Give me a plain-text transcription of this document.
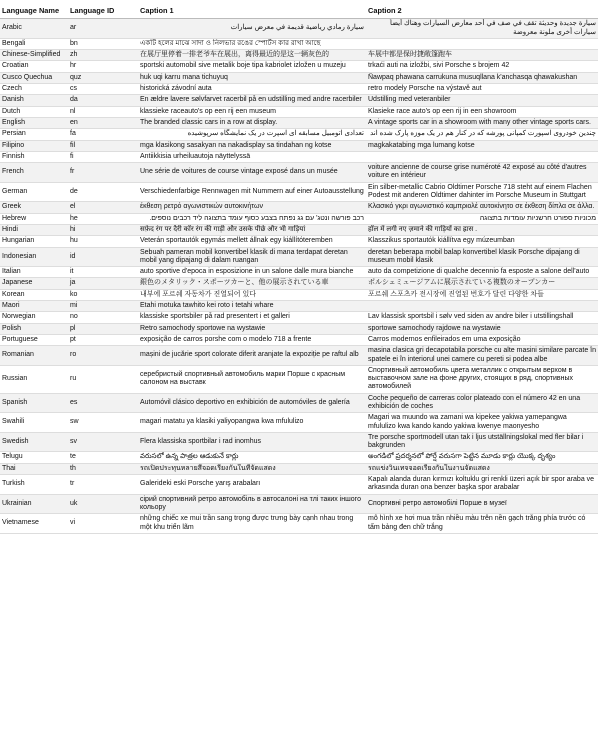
Language Name	Language ID	Caption 1	Caption 2
Arabic	ar	سيارة رمادي رياضية قديمة في معرض سيارات	سيارة جديدة وحديثة تقف في صف في أحد معارض السيارات وهناك أيضاً سيارات أخرى ملونة معروضة
Bengali	bn	একটি হলের মাঝে সাদা ও নিলভার রঙের স্পোর্টস কার রাখা আছে	
Chinese-Simplified	zh	在展厅里停着一排老爷车在展出，离得最近的是这一辆灰色的	车展中都是保时捷敞篷跑车
Croatian	hr	sportski automobil sive metalik boje tipa kabriolet izložen u muzeju	trkaći auti na izložbi, sivi Porsche s brojem 42
Cusco Quechua	quz	huk uqi karru mana tichuyuq	Ñawpaq phawana carrukuna musuqllana k'anchasqa qhawakushan
Czech	cs	historická závodní auta	retro modely Porsche na výstavě aut
Danish	da	En ældre lavere sølvfarvet racerbil på en udstilling med andre racerbiler	Udstilling med veteranbiler
Dutch	nl	klassieke raceauto's op een rij een museum	Klasieke race auto's op een rij in een showroom
English	en	The branded classic cars in a row at display.	A vintage sports car in a showroom with many other vintage sports cars.
Persian	fa	تعدادی اتومبیل مسابقه ای اسپرت در یک نمایشگاه سرپوشیده	چندین خودروی اسپورت کمپانی پورشه که در کنار هم در یک موزه پارک شده اند
Filipino	fil	mga klasikong sasakyan na nakadisplay sa tindahan ng kotse	magkakatabing mga lumang kotse
Finnish	fi	Antiikkisia urheiluautoja näyttelyssä	
French	fr	Une série de voitures de course vintage exposé dans un musée	voiture ancienne de course grise numéroté 42 exposé au côté d'autres voiture en intérieur
German	de	Verschiedenfarbige Rennwagen mit Nummern auf einer Autoausstellung	Ein silber-metallic Cabrio Oldtimer Porsche 718 steht auf einem Flachen Podest mit anderen Oldtimer dahinter im Porsche Museum in Stuttgart
Greek	el	έκθεση ρετρό αγωνιστικών αυτοκινήτων	Κλασικό γκρι αγωνιστικό καμπριολέ αυτοκίνητο σε έκθεση δίπλα σε άλλα.
Hebrew	he	רכב פורשה ונטג' עם גג נפתח בצבע כסוף עומד בתצוגה ליד רכבים נוספים.	מכוניות ספורט חרשניות עומדות בתצוגה
Hindi	hi	सफ़ेद रंग पर दैरी कॉर रंग की गाड़ी और उसके पीछे और भी गाड़ियां	हॉल में लगी नए ज़माने की गाड़ियों का ह्रास .
Hungarian	hu	Veterán sportautók egymás mellett állnak egy kiállítóteremben	Klasszikus sportautók kiállítva egy múzeumban
Indonesian	id	Sebuah pameran mobil konvertibel klasik di mana terdapat deretan mobil yang dipajang di dalam ruangan	deretan beberapa mobil balap konvertibel klasik Porsche dipajang di museum mobil klasik
Italian	it	auto sportive d'epoca in esposizione in un salone dalle mura bianche	auto da competizione di qualche decennio fa esposte a salone dell'auto
Japanese	ja	銀色のメタリック・スポーツカーと、他の展示されている車	ポルシェミュージアムに展示されている複数のオープンカー
Korean	ko	내부에 포르쉐 자동차가 진열되어 있다	포르쉐 스포츠카 전시장에 진열된 번호가 달린 다양한 차들
Maori	mi	Etahi motuka tawhito kei roto i tetahi whare	
Norwegian	no	klassiske sportsbiler på rad presentert i et galleri	Lav klassisk sportsbil i sølv ved siden av andre biler i utstillingshall
Polish	pl	Retro samochody sportowe na wystawie	sportowe samochody rajdowe na wystawie
Portuguese	pt	exposição de carros porshe com o modelo 718 a frente	Carros modernos enfileirados em uma exposição
Romanian	ro	mașini de jucărie sport colorate diferit aranjate la expoziție pe raftul alb	masina clasica gri decapotabila porsche cu alte masini similare parcate în spatele ei în interiorul unei camere cu pereti si podea albe
Russian	ru	серебристый спортивный автомобиль марки Порше с красным салоном на выставк	Спортивный автомобиль цвета металлик с открытым верхом в выставочном зале на фоне других, стоящих в ряд, спортивных автомобилей
Spanish	es	Automóvil clásico deportivo en exhibición de automóviles de galería	Coche pequeño de carreras color plateado con el número 42 en una exhibición de coches
Swahili	sw	magari matatu ya klasiki yaliyopangwa kwa mfululizo	Magari wa muundo wa zamani wa kipekee yakiwa yamepangwa mfululizo kwa kando kando yakiwa kwenye maonyesho
Swedish	sv	Flera klassiska sportbilar i rad inomhus	Tre porsche sportmodell utan tak i ljus utställningslokal med fler bilar i bakgrunden
Telugu	te	వరుసలో ఉన్న పాత్రల ఆడుకునే కార్లు	అంగడిలో ప్రదర్శనలో పోర్షే వరుసగా పెట్టిన మూడు కార్లు యొక్క దృశ్యం
Thai	th	รถเปิดประทุนหลายสีจอดเรียงกันในที่จัดแสดง	รถแข่งวินเทจจอดเรียงกันในงานจัดแสดง
Turkish	tr	Galerideki eski Porsche yarış arabaları	Kapalı alanda duran kırmızı koltuklu gri renkli üzeri açık bir spor araba ve arkasında duran ona benzer başka spor arabalar
Ukrainian	uk	сірий спортивний ретро автомобіль в автосалоні на тлі таких іншого кольору	Спортивні ретро автомобілі Порше в музеї
Vietnamese	vi	những chiếc xe mui trần sang trọng được trưng bày cạnh nhau trong một khu triển lãm	mô hình xe hơi mua trần nhiều màu trên nền gạch trắng phía trước có tấm bảng đen chữ trắng
